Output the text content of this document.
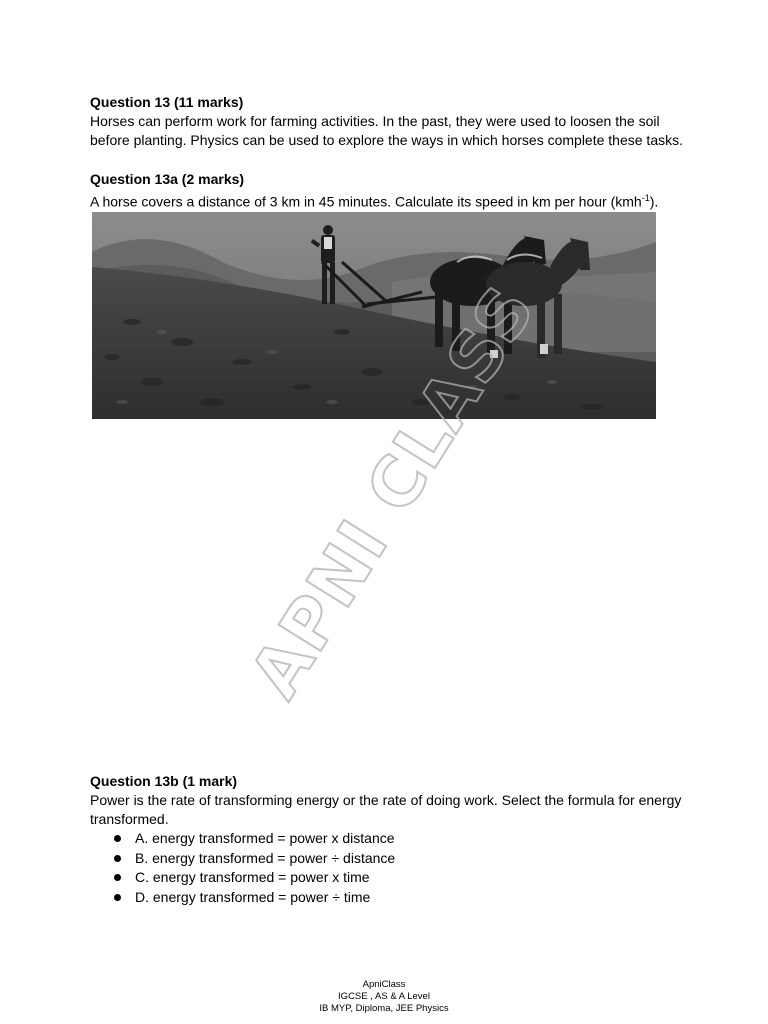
Question 13 (11 marks)

Horses can perform work for farming activities. In the past, they were used to loosen the soil before planting. Physics can be used to explore the ways in which horses complete these tasks.

Question 13a (2 marks)

A horse covers a distance of 3 km in 45 minutes. Calculate its speed in km per hour (kmh$^{-1}$).

APNI CLASS
Question 13b (1 mark)

Power is the rate of transforming energy or the rate of doing work. Select the formula for energy transformed.

A. energy transformed = power x distance
B. energy transformed = power ÷ distance
C. energy transformed = power x time
D. energy transformed = power ÷ time
ApniClass
IGCSE , AS & A Level
IB MYP, Diploma, JEE Physics
